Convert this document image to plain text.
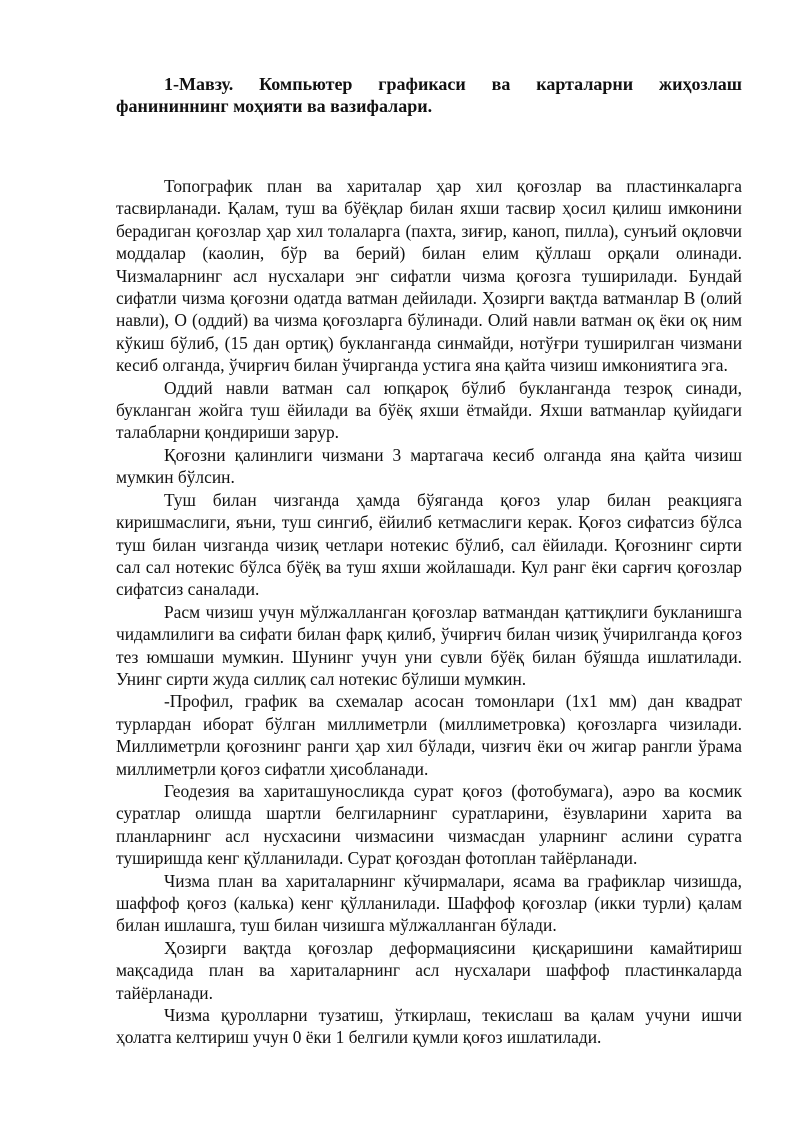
1-Мавзу. Компьютер графикаси ва карталарни жиҳозлаш фанининнинг моҳияти ва вазифалари.

Топографик план ва хариталар ҳар хил қоғозлар ва пластинкаларга тасвирланади. Қалам, туш ва бўёқлар билан яхши тасвир ҳосил қилиш имконини берадиган қоғозлар ҳар хил толаларга (пахта, зиғир, каноп, пилла), сунъий оқловчи моддалар (каолин, бўр ва берий) билан елим қўллаш орқали олинади. Чизмаларнинг асл нусхалари энг сифатли чизма қоғозга туширилади. Бундай сифатли чизма қоғозни одатда ватман дейилади. Ҳозирги вақтда ватманлар В (олий навли), О (оддий) ва чизма қоғозларга бўлинади. Олий навли ватман оқ ёки оқ ним кўкиш бўлиб, (15 дан ортиқ) букланганда синмайди, нотўғри туширилган чизмани кесиб олганда, ўчирғич билан ўчирганда устига яна қайта чизиш имкониятига эга.

Оддий навли ватман сал юпқароқ бўлиб букланганда тезроқ синади, букланган жойга туш ёйилади ва бўёқ яхши ётмайди. Яхши ватманлар қуйидаги талабларни қондириши зарур.

Қоғозни қалинлиги чизмани 3 мартагача кесиб олганда яна қайта чизиш мумкин бўлсин.

Туш билан чизганда ҳамда бўяганда қоғоз улар билан реакцияга киришмаслиги, яъни, туш сингиб, ёйилиб кетмаслиги керак. Қоғоз сифатсиз бўлса туш билан чизганда чизиқ четлари нотекис бўлиб, сал ёйилади. Қоғознинг сирти сал сал нотекис бўлса бўёқ ва туш яхши жойлашади. Кул ранг ёки сарғич қоғозлар сифатсиз саналади.

Расм чизиш учун мўлжалланган қоғозлар ватмандан қаттиқлиги букланишга чидамлилиги ва сифати билан фарқ қилиб, ўчирғич билан чизиқ ўчирилганда қоғоз тез юмшаши мумкин. Шунинг учун уни сувли бўёқ билан бўяшда ишлатилади. Унинг сирти жуда силлиқ сал нотекис бўлиши мумкин.

-Профил, график ва схемалар асосан томонлари (1х1 мм) дан квадрат турлардан иборат бўлган миллиметрли (миллиметровка) қоғозларга чизилади. Миллиметрли қоғознинг ранги ҳар хил бўлади, чизғич ёки оч жигар рангли ўрама миллиметрли қоғоз сифатли ҳисобланади.

Геодезия ва хариташуносликда сурат қоғоз (фотобумага), аэро ва космик суратлар олишда шартли белгиларнинг суратларини, ёзувларини харита ва планларнинг асл нусхасини чизмасини чизмасдан уларнинг аслини суратга туширишда кенг қўлланилади. Сурат қоғоздан фотоплан тайёрланади.

Чизма план ва хариталарнинг кўчирмалари, ясама ва графиклар чизишда, шаффоф қоғоз (калька) кенг қўлланилади. Шаффоф қоғозлар (икки турли) қалам билан ишлашга, туш билан чизишга мўлжалланган бўлади.

Ҳозирги вақтда қоғозлар деформациясини қисқаришини камайтириш мақсадида план ва хариталарнинг асл нусхалари шаффоф пластинкаларда тайёрланади.

Чизма қуролларни тузатиш, ўткирлаш, текислаш ва қалам учуни ишчи ҳолатга келтириш учун 0 ёки 1 белгили қумли қоғоз ишлатилади.
